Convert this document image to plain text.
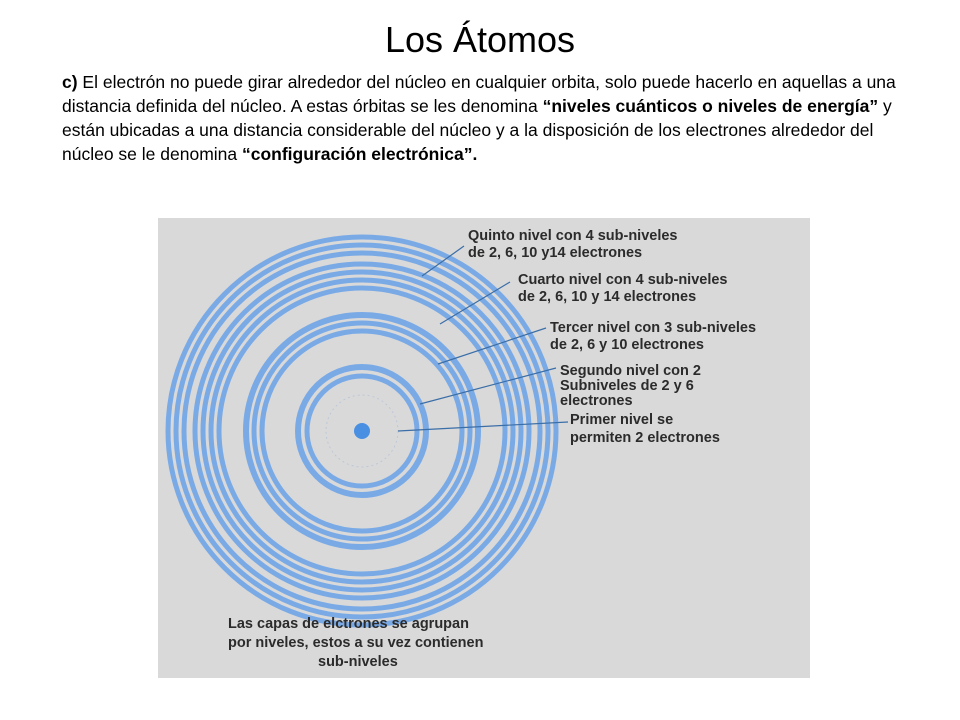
Los Átomos

c) El electrón no puede girar alrededor del núcleo en cualquier orbita, solo puede hacerlo en aquellas a una distancia definida del núcleo. A estas órbitas se les denomina “niveles cuánticos o niveles de energía” y están ubicadas a una distancia considerable del núcleo y a la disposición de los electrones alrededor del núcleo se le denomina “configuración electrónica”.

Quinto nivel con 4 sub-niveles de 2, 6, 10 y14 electrones
Cuarto nivel con 4 sub-niveles de 2, 6, 10 y 14 electrones
Tercer nivel con 3 sub-niveles de 2, 6 y 10 electrones
Segundo nivel con 2 Subniveles de 2 y 6 electrones
Primer nivel se permiten 2 electrones
Las capas de elctrones se agrupan por niveles, estos a su vez contienen sub-niveles
